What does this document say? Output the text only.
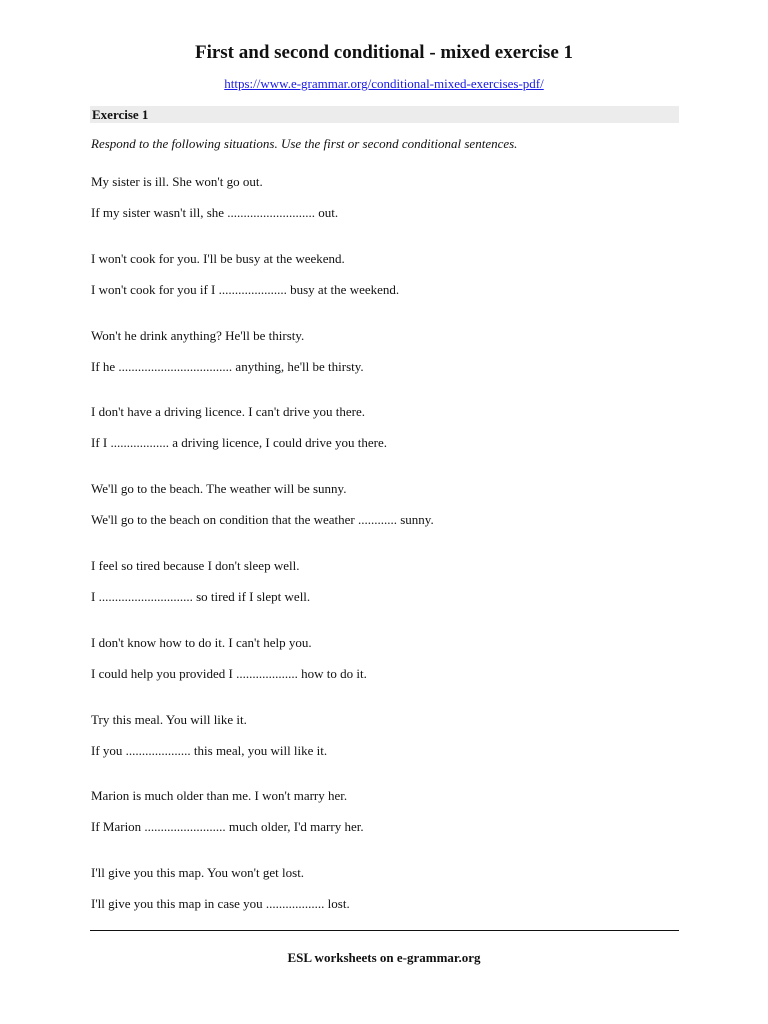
First and second conditional - mixed exercise 1
https://www.e-grammar.org/conditional-mixed-exercises-pdf/
Exercise 1
Respond to the following situations. Use the first or second conditional sentences.
My sister is ill. She won't go out.
If my sister wasn't ill, she ........................... out.
I won't cook for you. I'll be busy at the weekend.
I won't cook for you if I ..................... busy at the weekend.
Won't he drink anything? He'll be thirsty.
If he ................................... anything, he'll be thirsty.
I don't have a driving licence. I can't drive you there.
If I .................. a driving licence, I could drive you there.
We'll go to the beach. The weather will be sunny.
We'll go to the beach on condition that the weather ............ sunny.
I feel so tired because I don't sleep well.
I ............................. so tired if I slept well.
I don't know how to do it. I can't help you.
I could help you provided I ................... how to do it.
Try this meal. You will like it.
If you .................... this meal, you will like it.
Marion is much older than me. I won't marry her.
If Marion ......................... much older, I'd marry her.
I'll give you this map. You won't get lost.
I'll give you this map in case you .................. lost.
ESL worksheets on e-grammar.org
